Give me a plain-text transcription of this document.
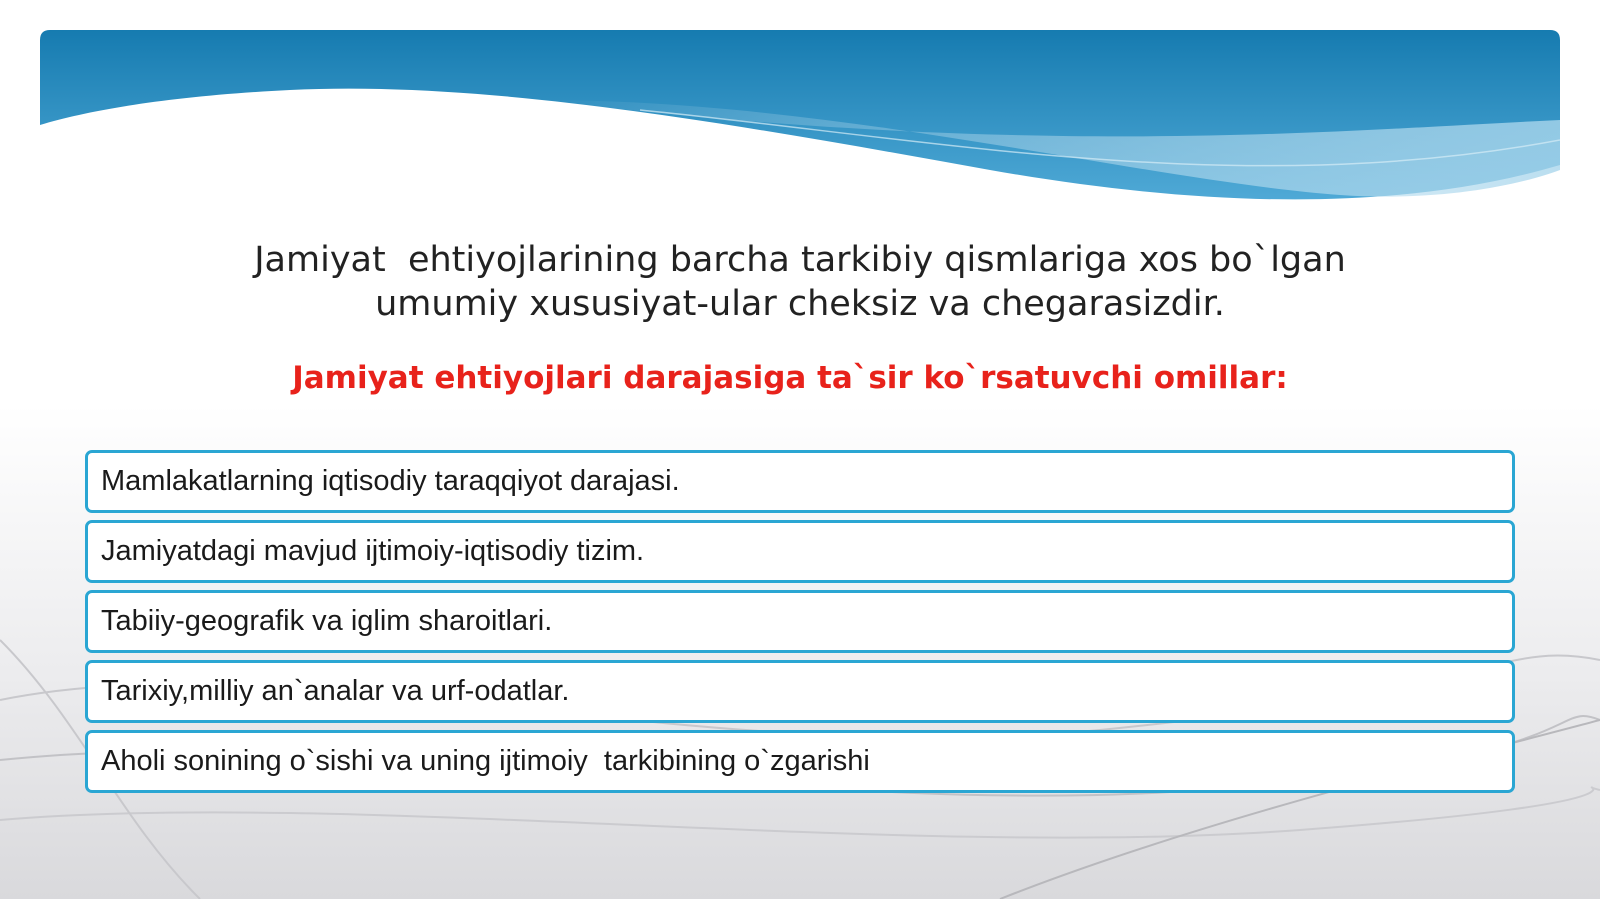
Jamiyat  ehtiyojlarining barcha tarkibiy qismlariga xos bo`lgan
umumiy xususiyat-ular cheksiz va chegarasizdir.
Jamiyat ehtiyojlari darajasiga ta`sir ko`rsatuvchi omillar:
Mamlakatlarning iqtisodiy taraqqiyot darajasi.
Jamiyatdagi mavjud ijtimoiy-iqtisodiy tizim.
Tabiiy-geografik va iglim sharoitlari.
Tarixiy,milliy an`analar va urf-odatlar.
Aholi sonining o`sishi va uning ijtimoiy  tarkibining o`zgarishi
